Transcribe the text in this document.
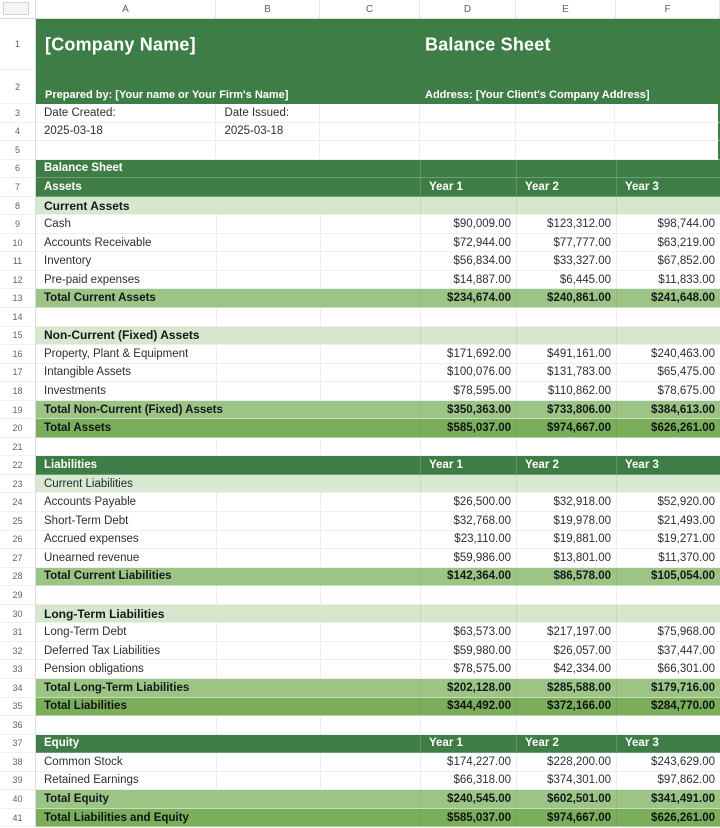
A	B	C	D	E	F
1	[Company Name]	Balance Sheet
2
Prepared by: [Your name or Your Firm's Name]	Address: [Your Client's Company Address]
3	Date Created:	Date Issued:
4	2025-03-18	2025-03-18
5
6	Balance Sheet
7	Assets	Year 1	Year 2	Year 3
8	Current Assets
9	Cash	$90,009.00	$123,312.00	$98,744.00
10	Accounts Receivable	$72,944.00	$77,777.00	$63,219.00
11	Inventory	$56,834.00	$33,327.00	$67,852.00
12	Pre-paid expenses	$14,887.00	$6,445.00	$11,833.00
13	Total Current Assets	$234,674.00	$240,861.00	$241,648.00
14
15	Non-Current (Fixed) Assets
16	Property, Plant & Equipment	$171,692.00	$491,161.00	$240,463.00
17	Intangible Assets	$100,076.00	$131,783.00	$65,475.00
18	Investments	$78,595.00	$110,862.00	$78,675.00
19	Total Non-Current (Fixed) Assets	$350,363.00	$733,806.00	$384,613.00
20	Total Assets	$585,037.00	$974,667.00	$626,261.00
21
22	Liabilities	Year 1	Year 2	Year 3
23	Current Liabilities
24	Accounts Payable	$26,500.00	$32,918.00	$52,920.00
25	Short-Term Debt	$32,768.00	$19,978.00	$21,493.00
26	Accrued expenses	$23,110.00	$19,881.00	$19,271.00
27	Unearned revenue	$59,986.00	$13,801.00	$11,370.00
28	Total Current Liabilities	$142,364.00	$86,578.00	$105,054.00
29
30	Long-Term Liabilities
31	Long-Term Debt	$63,573.00	$217,197.00	$75,968.00
32	Deferred Tax Liabilities	$59,980.00	$26,057.00	$37,447.00
33	Pension obligations	$78,575.00	$42,334.00	$66,301.00
34	Total Long-Term Liabilities	$202,128.00	$285,588.00	$179,716.00
35	Total Liabilities	$344,492.00	$372,166.00	$284,770.00
36
37	Equity	Year 1	Year 2	Year 3
38	Common Stock	$174,227.00	$228,200.00	$243,629.00
39	Retained Earnings	$66,318.00	$374,301.00	$97,862.00
40	Total Equity	$240,545.00	$602,501.00	$341,491.00
41	Total Liabilities and Equity	$585,037.00	$974,667.00	$626,261.00
